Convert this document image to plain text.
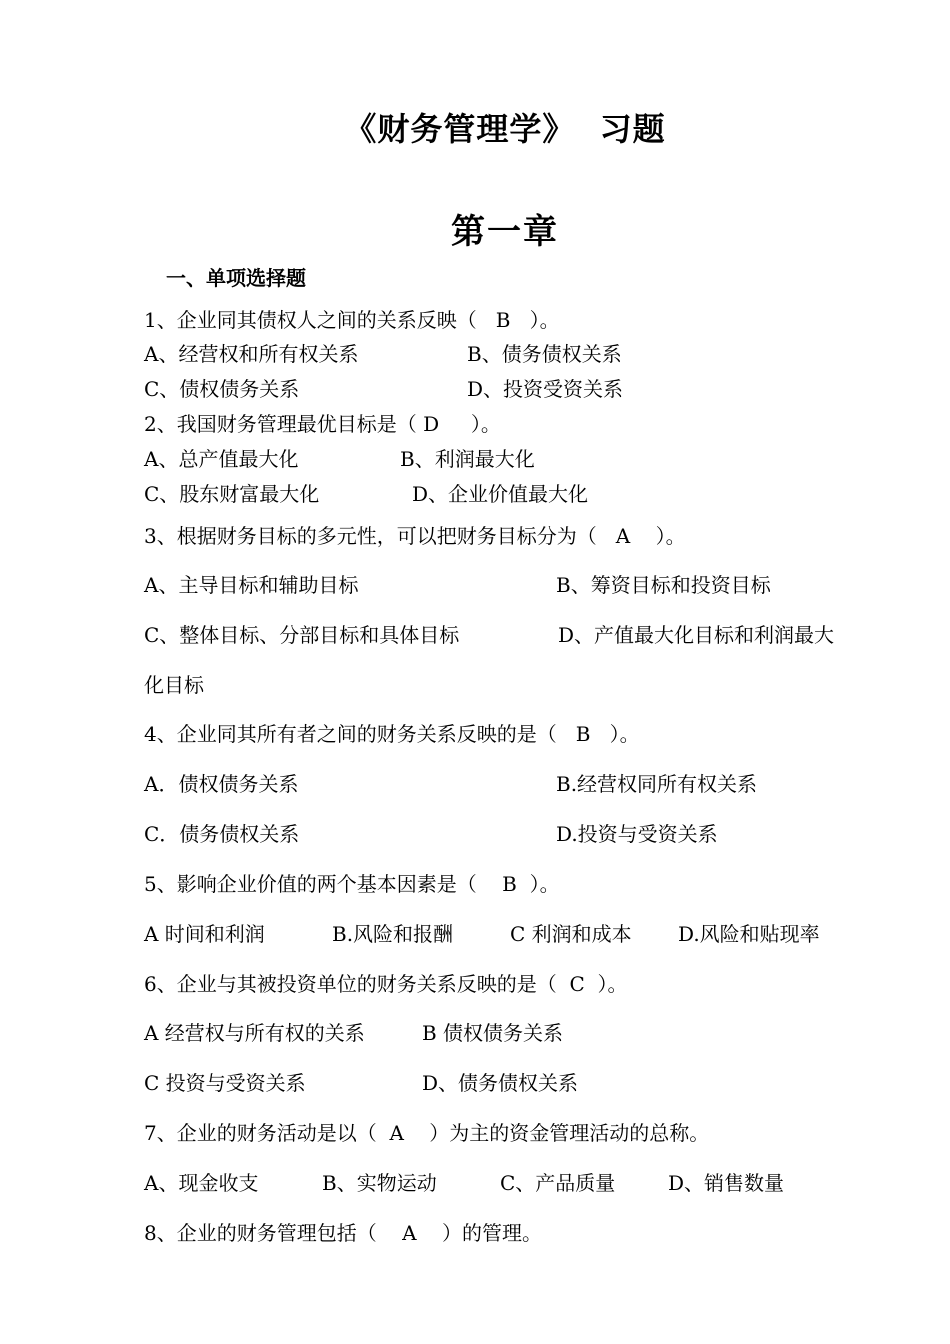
《财务管理学》  习题
第一章
一、单项选择题
1、企业同其债权人之间的关系反映（   B   ）。
A、经营权和所有权关系	B、债务债权关系
C、债权债务关系	D、投资受资关系
2、我国财务管理最优目标是（ D     ）。
A、总产值最大化	B、利润最大化
C、股东财富最大化	D、企业价值最大化
3、根据财务目标的多元性，可以把财务目标分为（   A    ）。
A、主导目标和辅助目标	B、筹资目标和投资目标
C、整体目标、分部目标和具体目标	D、产值最大化目标和利润最大
化目标
4、企业同其所有者之间的财务关系反映的是（   B   ）。
A．债权债务关系	B.经营权同所有权关系
C．债务债权关系	D.投资与受资关系
5、影响企业价值的两个基本因素是（    B  ）。
A 时间和利润	B.风险和报酬	C 利润和成本 D.风险和贴现率
6、企业与其被投资单位的财务关系反映的是（  C  ）。
A 经营权与所有权的关系	B 债权债务关系
C 投资与受资关系	D、债务债权关系
7、企业的财务活动是以（  A    ）为主的资金管理活动的总称。
A、现金收支	B、实物运动	C、产品质量	D、销售数量
8、企业的财务管理包括（    A    ）的管理。
